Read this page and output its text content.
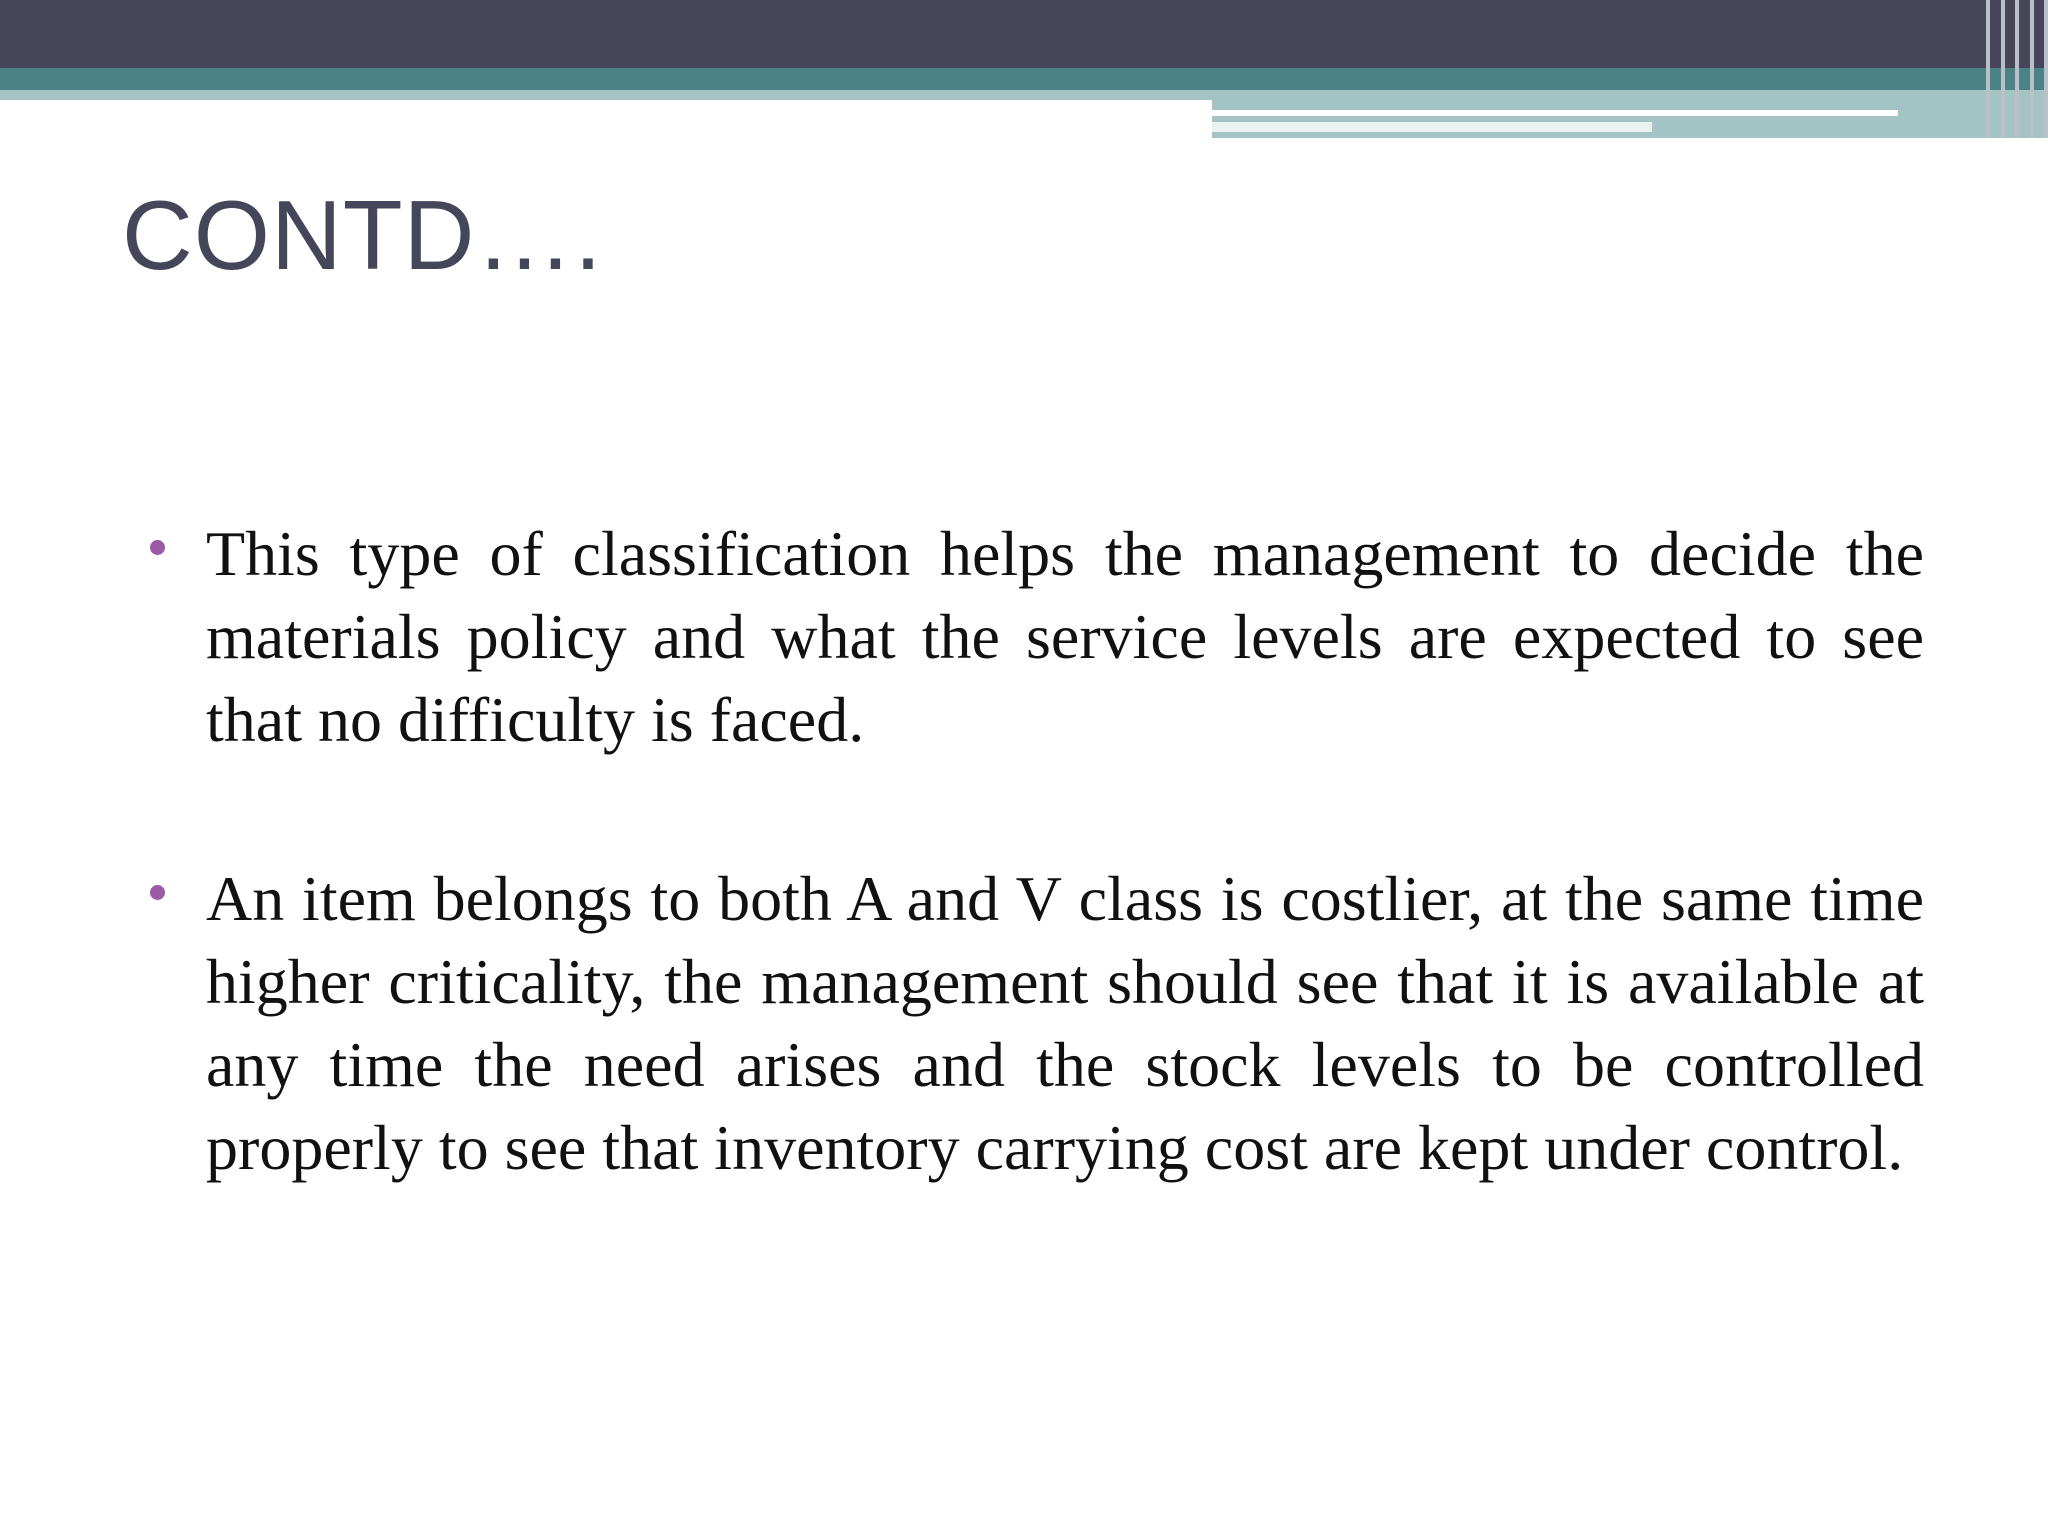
CONTD….
This type of classification helps the management to decide the materials policy and what the service levels are expected to see that no difficulty is faced.
An item belongs to both A and V class is costlier, at the same time higher criticality, the management should see that it is available at any time the need arises and the stock levels to be controlled properly to see that inventory carrying cost are kept under control.
